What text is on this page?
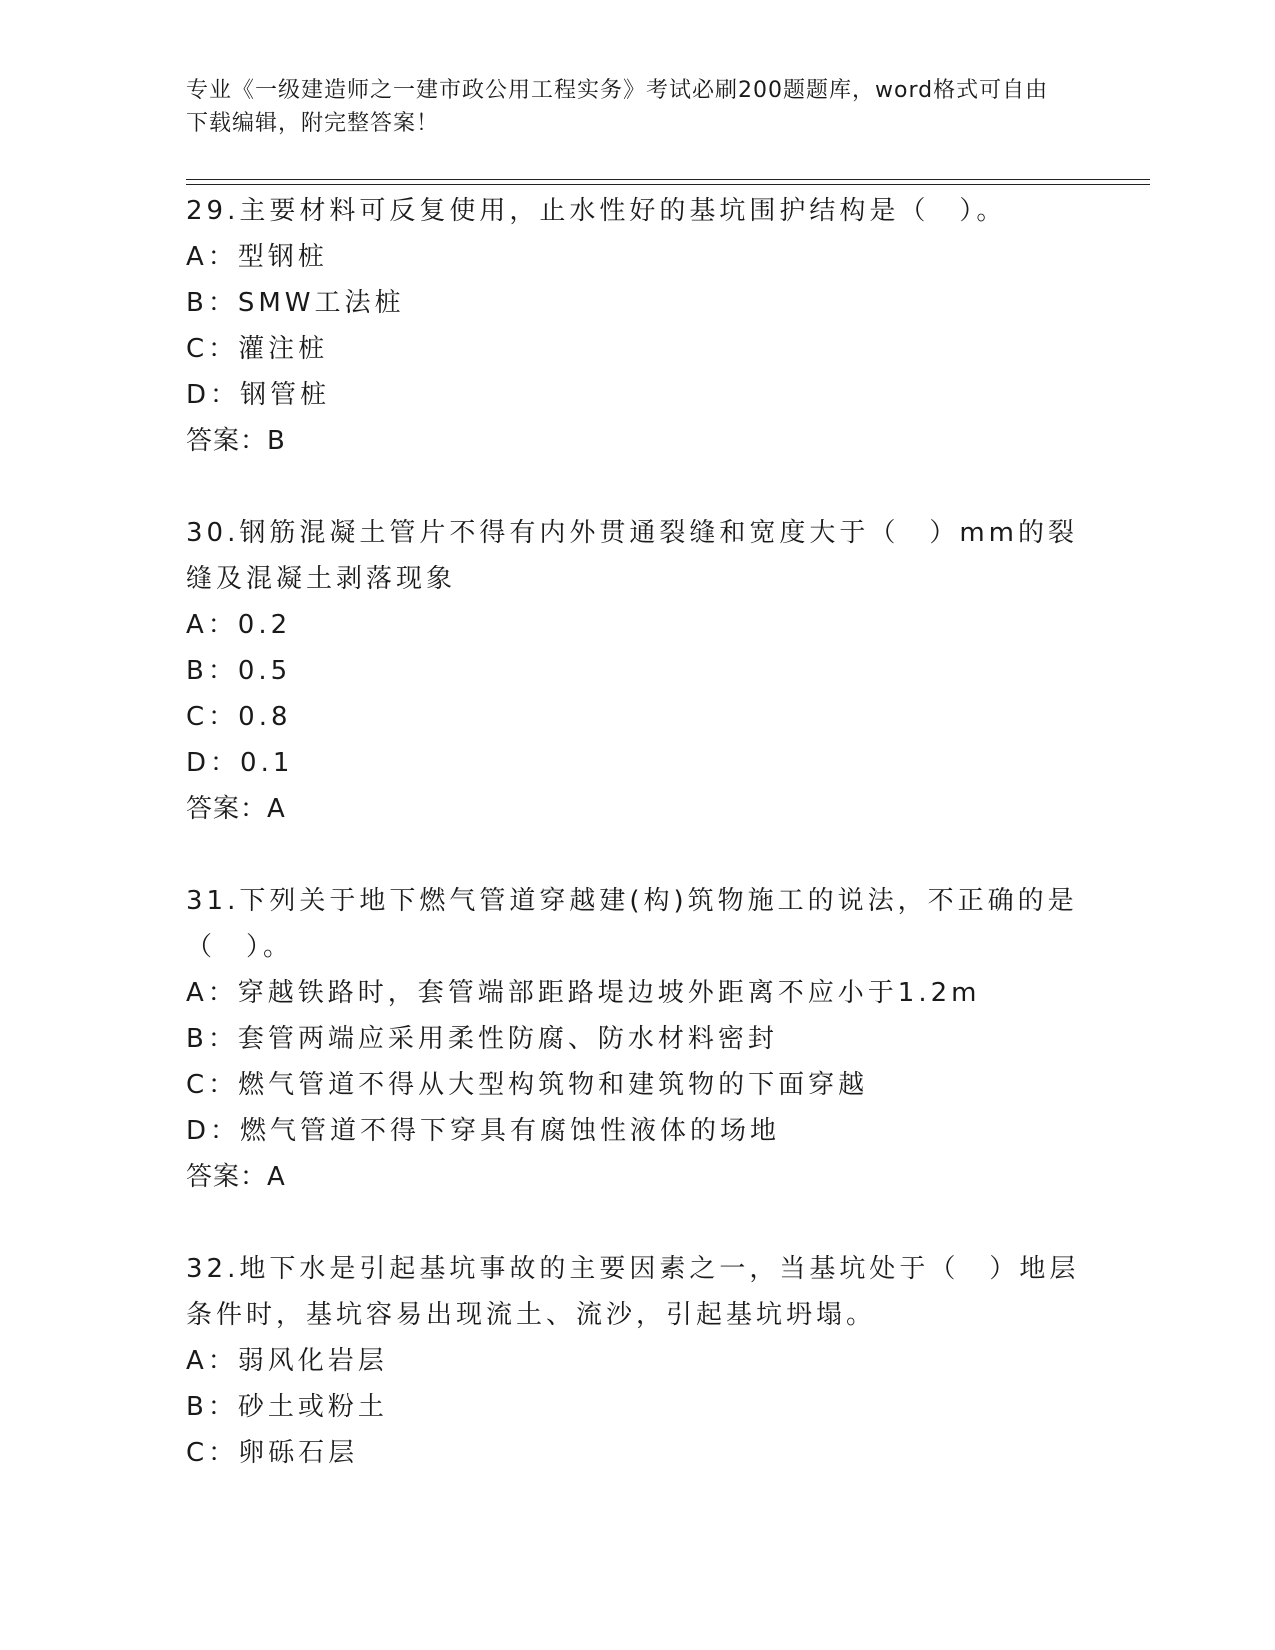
专业《一级建造师之一建市政公用工程实务》考试必刷200题题库，word格式可自由下载编辑，附完整答案！
29.主要材料可反复使用，止水性好的基坑围护结构是（　）。
A：型钢桩
B：SMW工法桩
C：灌注桩
D：钢管桩
答案：B
30.钢筋混凝土管片不得有内外贯通裂缝和宽度大于（　）mm的裂缝及混凝土剥落现象
A：0.2
B：0.5
C：0.8
D：0.1
答案：A
31.下列关于地下燃气管道穿越建(构)筑物施工的说法，不正确的是（　）。
A：穿越铁路时，套管端部距路堤边坡外距离不应小于1.2m
B：套管两端应采用柔性防腐、防水材料密封
C：燃气管道不得从大型构筑物和建筑物的下面穿越
D：燃气管道不得下穿具有腐蚀性液体的场地
答案：A
32.地下水是引起基坑事故的主要因素之一，当基坑处于（　）地层条件时，基坑容易出现流土、流沙，引起基坑坍塌。
A：弱风化岩层
B：砂土或粉土
C：卵砾石层
